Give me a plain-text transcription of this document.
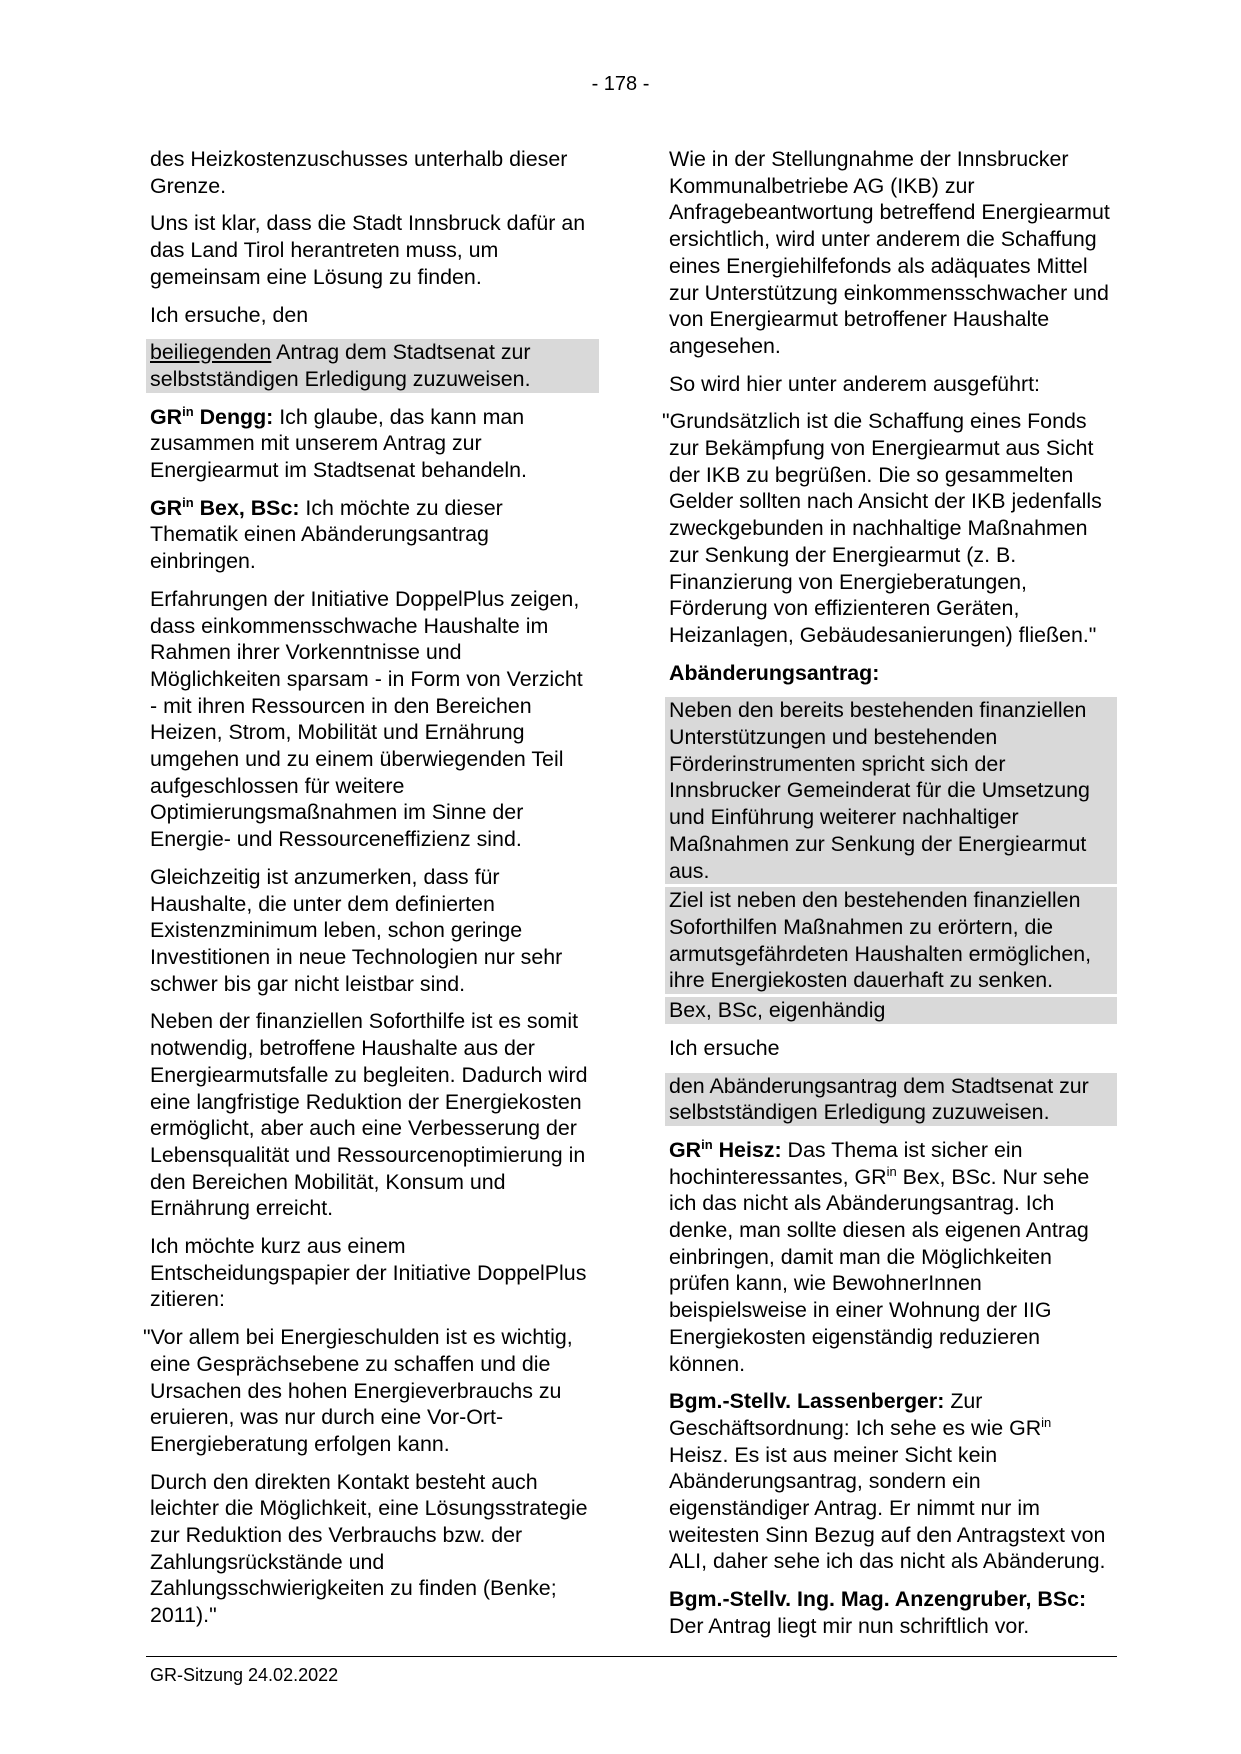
- 178 -

des Heizkostenzuschusses unterhalb dieser Grenze.

Uns ist klar, dass die Stadt Innsbruck dafür an das Land Tirol herantreten muss, um gemeinsam eine Lösung zu finden.

Ich ersuche, den

beiliegenden Antrag dem Stadtsenat zur selbstständigen Erledigung zuzuweisen.

$GR^{in}$ Dengg: Ich glaube, das kann man zusammen mit unserem Antrag zur Energiearmut im Stadtsenat behandeln.

$GR^{in}$ Bex, BSc: Ich möchte zu dieser Thematik einen Abänderungsantrag einbringen.

Erfahrungen der Initiative DoppelPlus zeigen, dass einkommensschwache Haushalte im Rahmen ihrer Vorkenntnisse und Möglichkeiten sparsam - in Form von Verzicht - mit ihren Ressourcen in den Bereichen Heizen, Strom, Mobilität und Ernährung umgehen und zu einem überwiegenden Teil aufgeschlossen für weitere Optimierungsmaßnahmen im Sinne der Energie- und Ressourceneffizienz sind.

Gleichzeitig ist anzumerken, dass für Haushalte, die unter dem definierten Existenzminimum leben, schon geringe Investitionen in neue Technologien nur sehr schwer bis gar nicht leistbar sind.

Neben der finanziellen Soforthilfe ist es somit notwendig, betroffene Haushalte aus der Energiearmutsfalle zu begleiten. Dadurch wird eine langfristige Reduktion der Energiekosten ermöglicht, aber auch eine Verbesserung der Lebensqualität und Ressourcenoptimierung in den Bereichen Mobilität, Konsum und Ernährung erreicht.

Ich möchte kurz aus einem Entscheidungspapier der Initiative DoppelPlus zitieren:

"Vor allem bei Energieschulden ist es wichtig, eine Gesprächsebene zu schaffen und die Ursachen des hohen Energieverbrauchs zu eruieren, was nur durch eine Vor-Ort-Energieberatung erfolgen kann.

Durch den direkten Kontakt besteht auch leichter die Möglichkeit, eine Lösungsstrategie zur Reduktion des Verbrauchs bzw. der Zahlungsrückstände und Zahlungsschwierigkeiten zu finden (Benke; 2011)."

Wie in der Stellungnahme der Innsbrucker Kommunalbetriebe AG (IKB) zur Anfragebeantwortung betreffend Energiearmut ersichtlich, wird unter anderem die Schaffung eines Energiehilfefonds als adäquates Mittel zur Unterstützung einkommensschwacher und von Energiearmut betroffener Haushalte angesehen.

So wird hier unter anderem ausgeführt:

"Grundsätzlich ist die Schaffung eines Fonds zur Bekämpfung von Energiearmut aus Sicht der IKB zu begrüßen. Die so gesammelten Gelder sollten nach Ansicht der IKB jedenfalls zweckgebunden in nachhaltige Maßnahmen zur Senkung der Energiearmut (z. B. Finanzierung von Energieberatungen, Förderung von effizienteren Geräten, Heizanlagen, Gebäudesanierungen) fließen."

Abänderungsantrag:

Neben den bereits bestehenden finanziellen Unterstützungen und bestehenden Förderinstrumenten spricht sich der Innsbrucker Gemeinderat für die Umsetzung und Einführung weiterer nachhaltiger Maßnahmen zur Senkung der Energiearmut aus.

Ziel ist neben den bestehenden finanziellen Soforthilfen Maßnahmen zu erörtern, die armutsgefährdeten Haushalten ermöglichen, ihre Energiekosten dauerhaft zu senken.

Bex, BSc, eigenhändig

Ich ersuche

den Abänderungsantrag dem Stadtsenat zur selbstständigen Erledigung zuzuweisen.

$GR^{in}$ Heisz: Das Thema ist sicher ein hochinteressantes, $GR^{in}$ Bex, BSc. Nur sehe ich das nicht als Abänderungsantrag. Ich denke, man sollte diesen als eigenen Antrag einbringen, damit man die Möglichkeiten prüfen kann, wie BewohnerInnen beispielsweise in einer Wohnung der IIG Energiekosten eigenständig reduzieren können.

Bgm.-Stellv. Lassenberger: Zur Geschäftsordnung: Ich sehe es wie $GR^{in}$ Heisz. Es ist aus meiner Sicht kein Abänderungsantrag, sondern ein eigenständiger Antrag. Er nimmt nur im weitesten Sinn Bezug auf den Antragstext von ALI, daher sehe ich das nicht als Abänderung.

Bgm.-Stellv. Ing. Mag. Anzengruber, BSc: Der Antrag liegt mir nun schriftlich vor.

GR-Sitzung 24.02.2022
